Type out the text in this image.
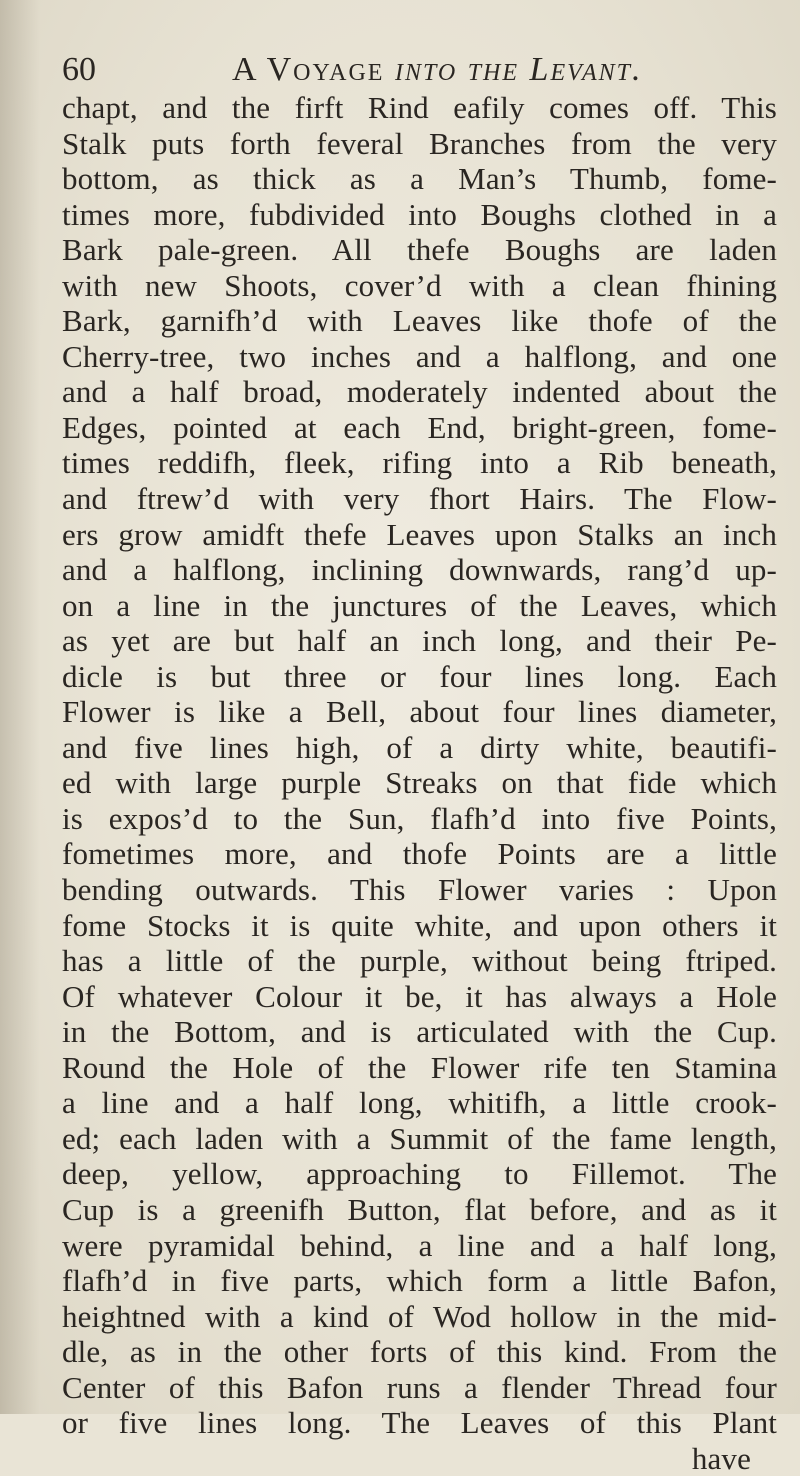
60	A Voyage into the Levant.
chapt, and the firft Rind eafily comes off. This
Stalk puts forth feveral Branches from the very
bottom, as thick as a Man’s Thumb, fome-
times more, fubdivided into Boughs clothed in a
Bark pale-green. All thefe Boughs are laden
with new Shoots, cover’d with a clean fhining
Bark, garnifh’d with Leaves like thofe of the
Cherry-tree, two inches and a halflong, and one
and a half broad, moderately indented about the
Edges, pointed at each End, bright-green, fome-
times reddifh, fleek, rifing into a Rib beneath,
and ftrew’d with very fhort Hairs. The Flow-
ers grow amidft thefe Leaves upon Stalks an inch
and a halflong, inclining downwards, rang’d up-
on a line in the junctures of the Leaves, which
as yet are but half an inch long, and their Pe-
dicle is but three or four lines long. Each
Flower is like a Bell, about four lines diameter,
and five lines high, of a dirty white, beautifi-
ed with large purple Streaks on that fide which
is expos’d to the Sun, flafh’d into five Points,
fometimes more, and thofe Points are a little
bending outwards. This Flower varies : Upon
fome Stocks it is quite white, and upon others it
has a little of the purple, without being ftriped.
Of whatever Colour it be, it has always a Hole
in the Bottom, and is articulated with the Cup.
Round the Hole of the Flower rife ten Stamina
a line and a half long, whitifh, a little crook-
ed; each laden with a Summit of the fame length,
deep, yellow, approaching to Fillemot. The
Cup is a greenifh Button, flat before, and as it
were pyramidal behind, a line and a half long,
flafh’d in five parts, which form a little Bafon,
heightned with a kind of Wod hollow in the mid-
dle, as in the other forts of this kind. From the
Center of this Bafon runs a flender Thread four
or five lines long. The Leaves of this Plant
have
